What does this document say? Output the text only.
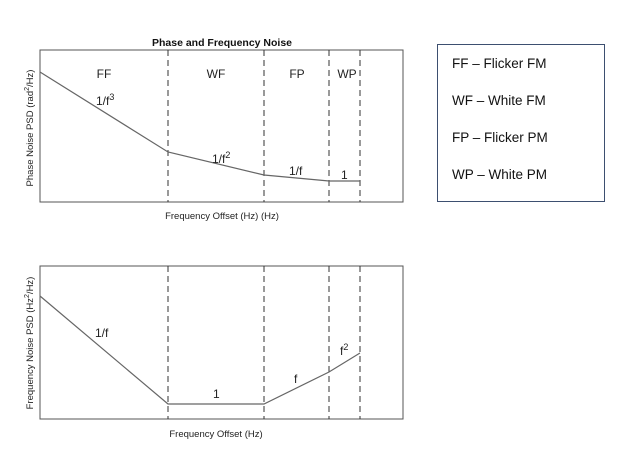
Phase and Frequency Noise
FF	WF	FP	WP
$1/f^3$
$1/f^2$
1/f	1
Frequency Offset (Hz) (Hz)
Phase Noise PSD (rad$^2$/Hz)
1/f
1
f
$f^2$
Frequency Offset (Hz)
Frequency Noise PSD (Hz$^2$/Hz)
FF – Flicker FM
WF – White FM
FP – Flicker PM
WP – White PM
